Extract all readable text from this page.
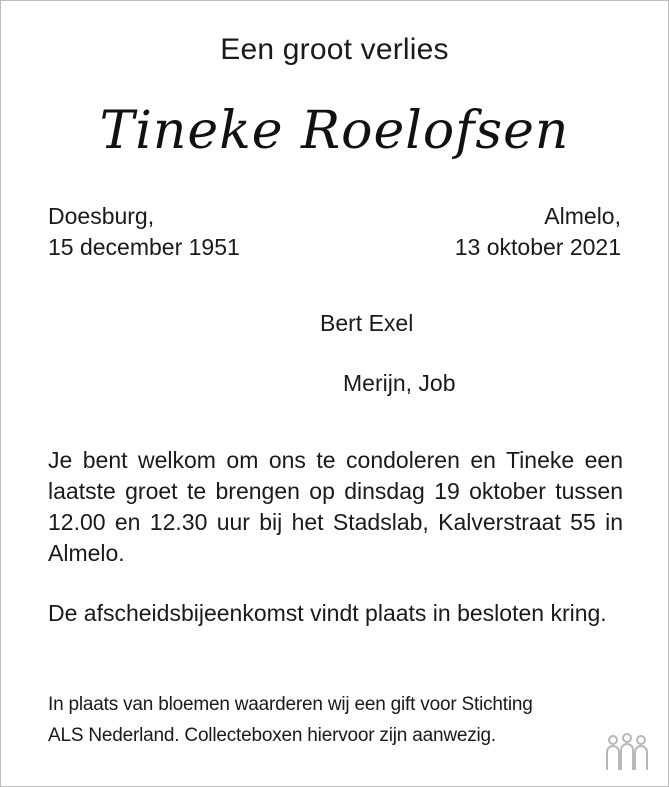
Een groot verlies
Tineke Roelofsen
Doesburg,
15 december 1951
Almelo,
13 oktober 2021
Bert Exel
Merijn, Job
Je bent welkom om ons te condoleren en Tineke een laatste groet te brengen op dinsdag 19 oktober tussen 12.00 en 12.30 uur bij het Stadslab, Kalverstraat 55 in Almelo.
De afscheidsbijeenkomst vindt plaats in besloten kring.
In plaats van bloemen waarderen wij een gift voor Stichting
ALS Nederland. Collecteboxen hiervoor zijn aanwezig.
